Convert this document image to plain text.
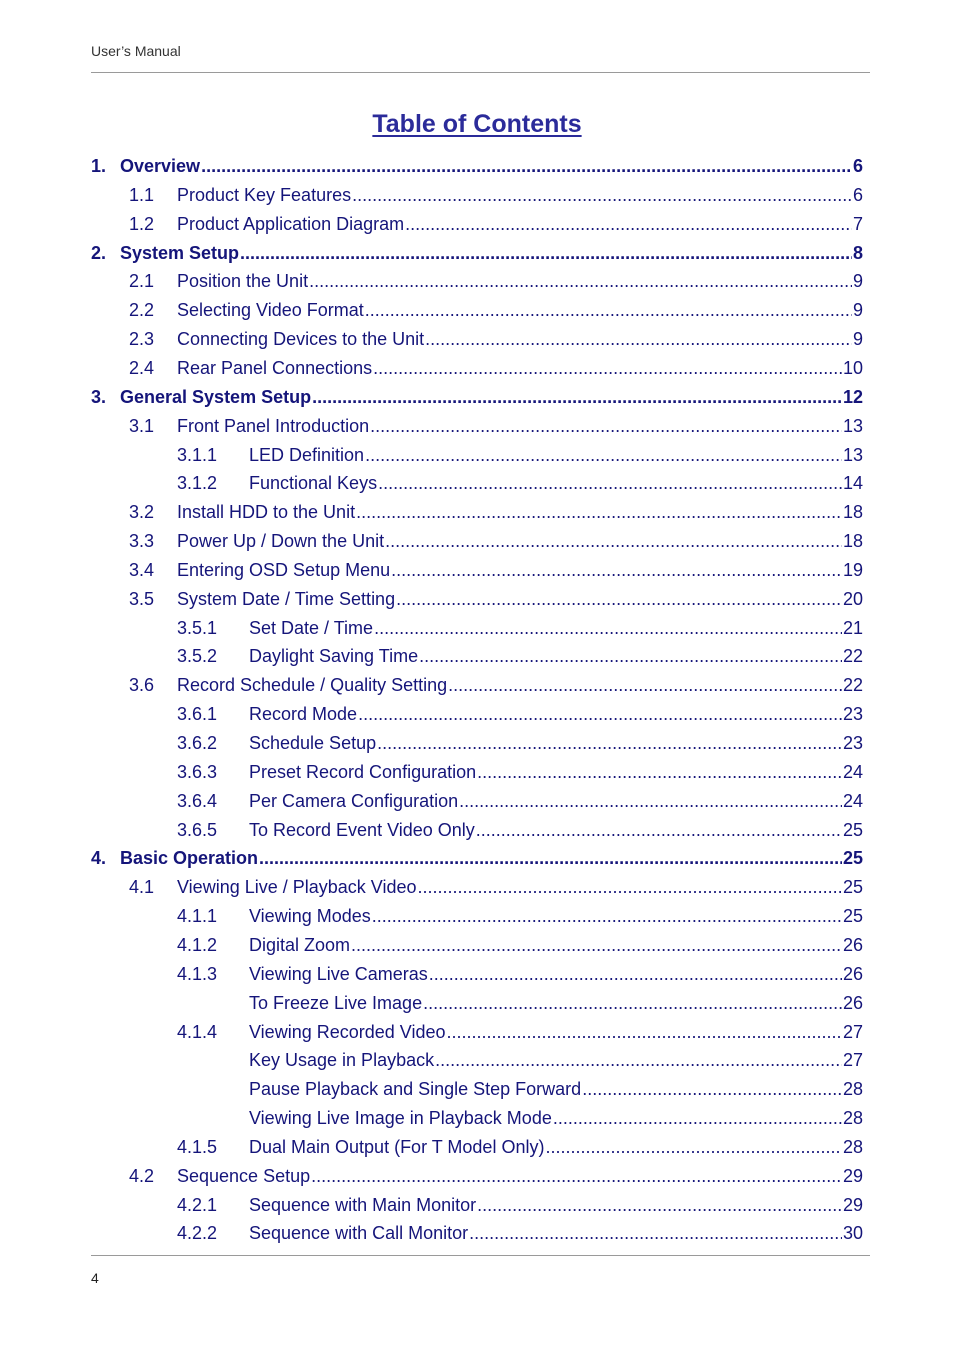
User’s Manual
Table of Contents
1. Overview .....	6
1.1	Product Key Features .....	6
1.2	Product Application Diagram .....	7
2. System Setup .....	8
2.1	Position the Unit .....	9
2.2	Selecting Video Format .....	9
2.3	Connecting Devices to the Unit .....	9
2.4	Rear Panel Connections .....	10
3. General System Setup .....	12
3.1	Front Panel Introduction .....	13
3.1.1	LED Definition .....	13
3.1.2	Functional Keys .....	14
3.2	Install HDD to the Unit .....	18
3.3	Power Up / Down the Unit .....	18
3.4	Entering OSD Setup Menu .....	19
3.5	System Date / Time Setting .....	20
3.5.1	Set Date / Time .....	21
3.5.2	Daylight Saving Time .....	22
3.6	Record Schedule / Quality Setting .....	22
3.6.1	Record Mode .....	23
3.6.2	Schedule Setup .....	23
3.6.3	Preset Record Configuration .....	24
3.6.4	Per Camera Configuration .....	24
3.6.5	To Record Event Video Only .....	25
4. Basic Operation .....	25
4.1	Viewing Live / Playback Video .....	25
4.1.1	Viewing Modes .....	25
4.1.2	Digital Zoom .....	26
4.1.3	Viewing Live Cameras .....	26
To Freeze Live Image .....	26
4.1.4	Viewing Recorded Video .....	27
Key Usage in Playback .....	27
Pause Playback and Single Step Forward .....	28
Viewing Live Image in Playback Mode .....	28
4.1.5	Dual Main Output (For T Model Only) .....	28
4.2	Sequence Setup .....	29
4.2.1	Sequence with Main Monitor .....	29
4.2.2	Sequence with Call Monitor .....	30
4
